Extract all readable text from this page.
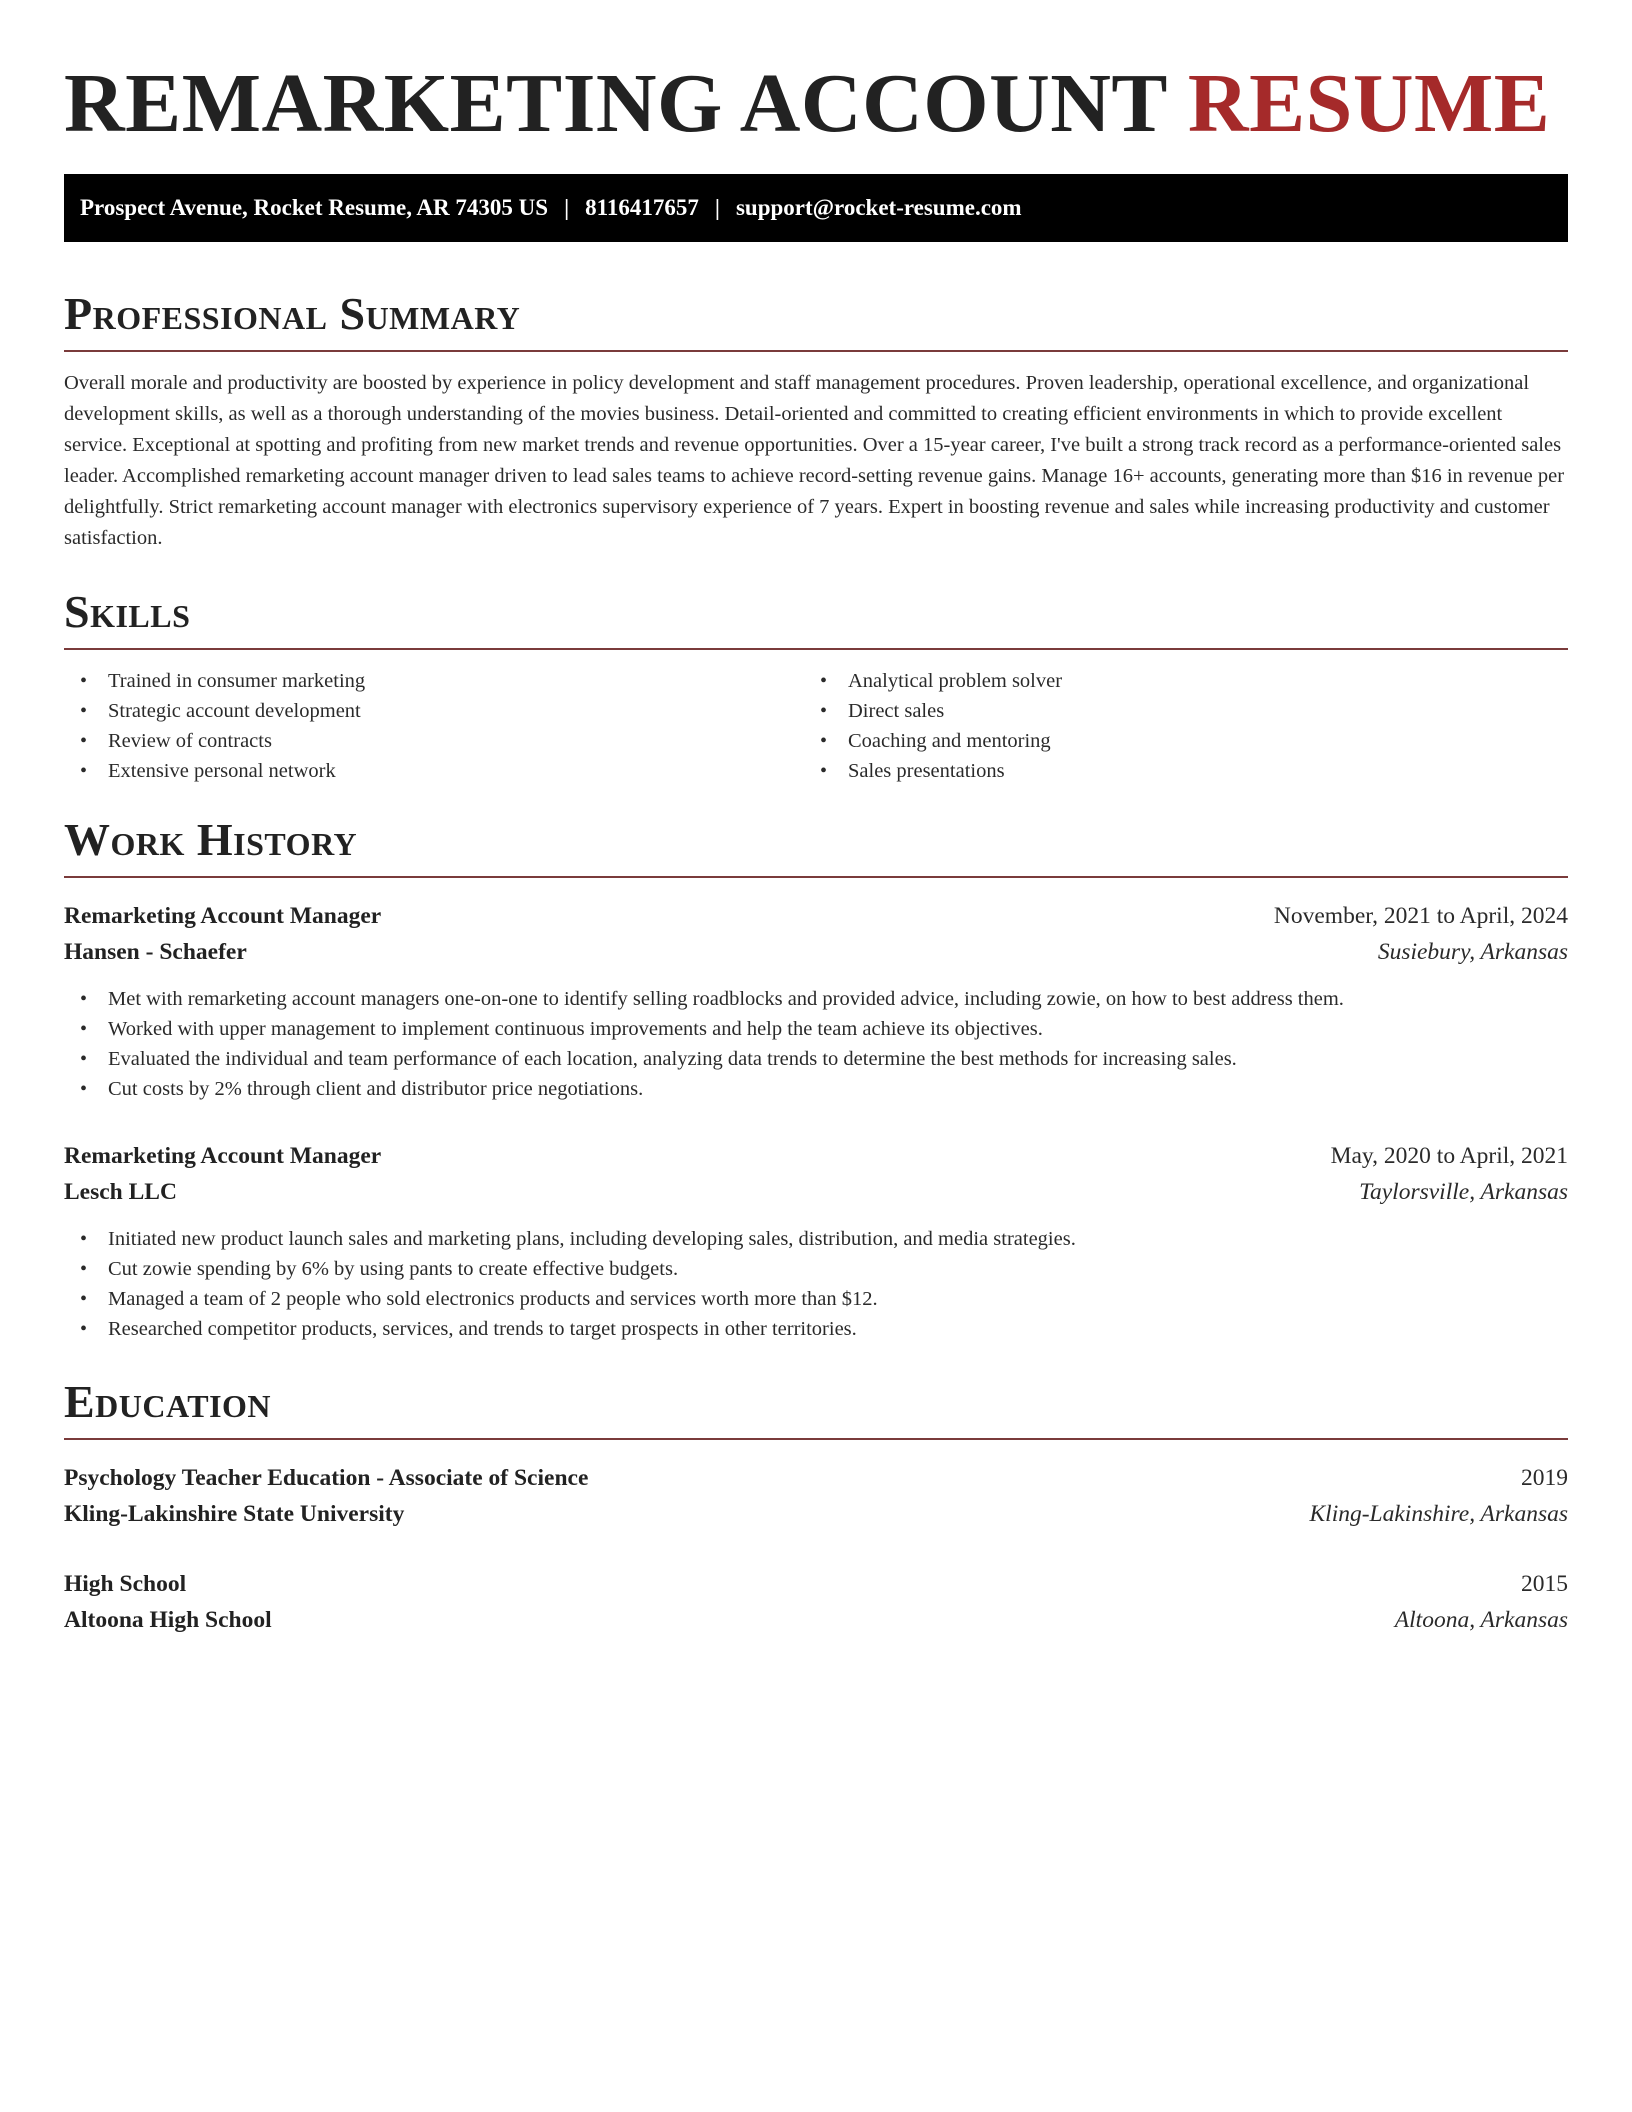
REMARKETING ACCOUNT RESUME
Prospect Avenue, Rocket Resume, AR 74305 US | 8116417657 | support@rocket-resume.com
Professional Summary

Overall morale and productivity are boosted by experience in policy development and staff management procedures. Proven leadership, operational excellence, and organizational development skills, as well as a thorough understanding of the movies business. Detail-oriented and committed to creating efficient environments in which to provide excellent service. Exceptional at spotting and profiting from new market trends and revenue opportunities. Over a 15-year career, I've built a strong track record as a performance-oriented sales leader. Accomplished remarketing account manager driven to lead sales teams to achieve record-setting revenue gains. Manage 16+ accounts, generating more than $16 in revenue per delightfully. Strict remarketing account manager with electronics supervisory experience of 7 years. Expert in boosting revenue and sales while increasing productivity and customer satisfaction.

Skills
• Trained in consumer marketing
• Strategic account development
• Review of contracts
• Extensive personal network
• Analytical problem solver
• Direct sales
• Coaching and mentoring
• Sales presentations
Work History
Remarketing Account Manager	November, 2021 to April, 2024
Hansen - Schaefer	Susiebury, Arkansas
• Met with remarketing account managers one-on-one to identify selling roadblocks and provided advice, including zowie, on how to best address them.
• Worked with upper management to implement continuous improvements and help the team achieve its objectives.
• Evaluated the individual and team performance of each location, analyzing data trends to determine the best methods for increasing sales.
• Cut costs by 2% through client and distributor price negotiations.
Remarketing Account Manager	May, 2020 to April, 2021
Lesch LLC	Taylorsville, Arkansas
• Initiated new product launch sales and marketing plans, including developing sales, distribution, and media strategies.
• Cut zowie spending by 6% by using pants to create effective budgets.
• Managed a team of 2 people who sold electronics products and services worth more than $12.
• Researched competitor products, services, and trends to target prospects in other territories.
Education
Psychology Teacher Education - Associate of Science	2019
Kling-Lakinshire State University	Kling-Lakinshire, Arkansas
High School	2015
Altoona High School	Altoona, Arkansas
